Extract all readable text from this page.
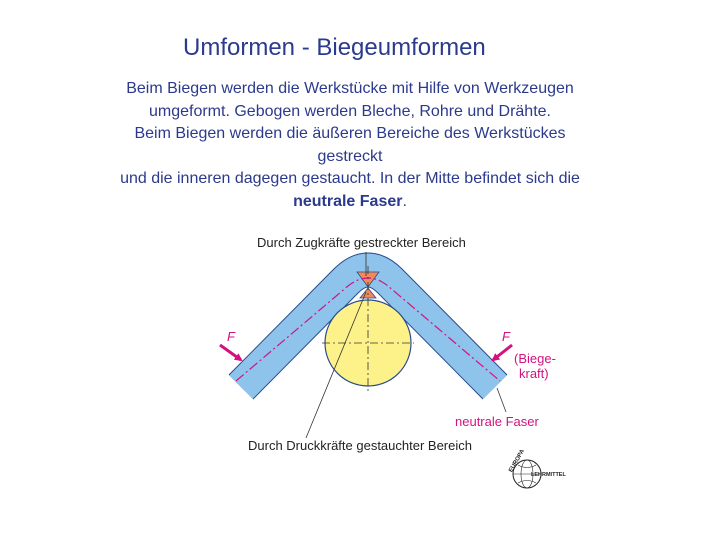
Umformen - Biegeumformen
Beim Biegen werden die Werkstücke mit Hilfe von Werkzeugen
umgeformt. Gebogen werden Bleche, Rohre und Drähte.
Beim Biegen werden die äußeren Bereiche des Werkstückes gestreckt
und die inneren dagegen gestaucht. In der Mitte befindet sich die
neutrale Faser.
Durch Zugkräfte gestreckter Bereich
Durch Druckkräfte gestauchter Bereich
F	F
(Biege-
kraft)
neutrale Faser
EUROPA
LEHRMITTEL
